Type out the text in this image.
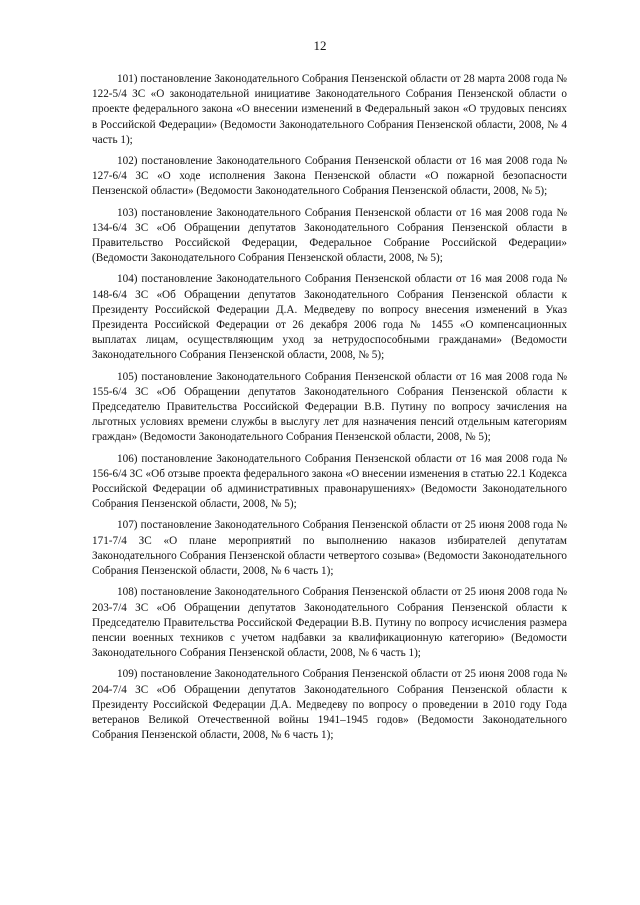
12

101) постановление Законодательного Собрания Пензенской области от 28 марта 2008 года № 122-5/4 ЗС «О законодательной инициативе Законодательного Собрания Пензенской области о проекте федерального закона «О внесении изменений в Федеральный закон «О трудовых пенсиях в Российской Федерации» (Ведомости Законодательного Собрания Пензенской области, 2008, № 4 часть 1);

102) постановление Законодательного Собрания Пензенской области от 16 мая 2008 года № 127-6/4 ЗС «О ходе исполнения Закона Пензенской области «О пожарной безопасности Пензенской области» (Ведомости Законодательного Собрания Пензенской области, 2008, № 5);

103) постановление Законодательного Собрания Пензенской области от 16 мая 2008 года № 134-6/4 ЗС «Об Обращении депутатов Законодательного Собрания Пензенской области в Правительство Российской Федерации, Федеральное Собрание Российской Федерации» (Ведомости Законодательного Собрания Пензенской области, 2008, № 5);

104) постановление Законодательного Собрания Пензенской области от 16 мая 2008 года № 148-6/4 ЗС «Об Обращении депутатов Законодательного Собрания Пензенской области к Президенту Российской Федерации Д.А. Медведеву по вопросу внесения изменений в Указ Президента Российской Федерации от 26 декабря 2006 года № 1455 «О компенсационных выплатах лицам, осуществляющим уход за нетрудоспособными гражданами» (Ведомости Законодательного Собрания Пензенской области, 2008, № 5);

105) постановление Законодательного Собрания Пензенской области от 16 мая 2008 года № 155-6/4 ЗС «Об Обращении депутатов Законодательного Собрания Пензенской области к Председателю Правительства Российской Федерации В.В. Путину по вопросу зачисления на льготных условиях времени службы в выслугу лет для назначения пенсий отдельным категориям граждан» (Ведомости Законодательного Собрания Пензенской области, 2008, № 5);

106) постановление Законодательного Собрания Пензенской области от 16 мая 2008 года № 156-6/4 ЗС «Об отзыве проекта федерального закона «О внесении изменения в статью 22.1 Кодекса Российской Федерации об административных правонарушениях» (Ведомости Законодательного Собрания Пензенской области, 2008, № 5);

107) постановление Законодательного Собрания Пензенской области от 25 июня 2008 года № 171-7/4 ЗС «О плане мероприятий по выполнению наказов избирателей депутатам Законодательного Собрания Пензенской области четвертого созыва» (Ведомости Законодательного Собрания Пензенской области, 2008, № 6 часть 1);

108) постановление Законодательного Собрания Пензенской области от 25 июня 2008 года № 203-7/4 ЗС «Об Обращении депутатов Законодательного Собрания Пензенской области к Председателю Правительства Российской Федерации В.В. Путину по вопросу исчисления размера пенсии военных техников с учетом надбавки за квалификационную категорию» (Ведомости Законодательного Собрания Пензенской области, 2008, № 6 часть 1);

109) постановление Законодательного Собрания Пензенской области от 25 июня 2008 года № 204-7/4 ЗС «Об Обращении депутатов Законодательного Собрания Пензенской области к Президенту Российской Федерации Д.А. Медведеву по вопросу о проведении в 2010 году Года ветеранов Великой Отечественной войны 1941–1945 годов» (Ведомости Законодательного Собрания Пензенской области, 2008, № 6 часть 1);
